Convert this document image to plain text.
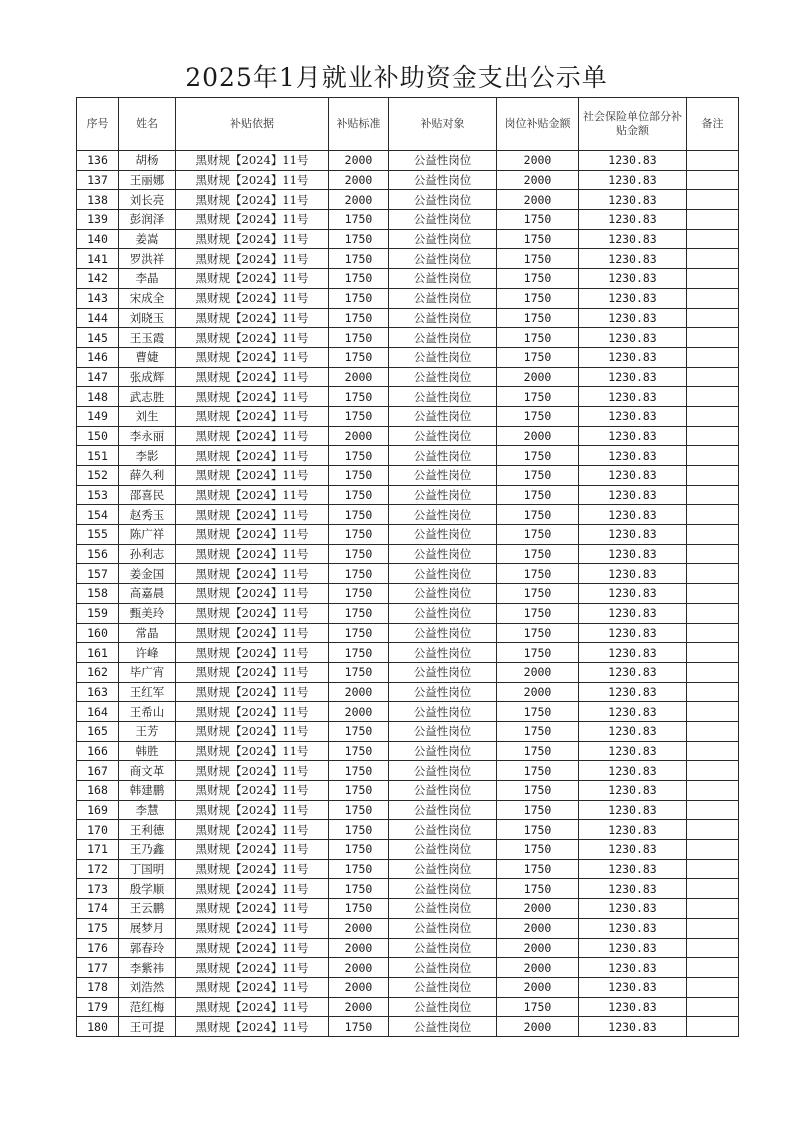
2025年1月就业补助资金支出公示单
序号	姓名	补贴依据	补贴标准	补贴对象	岗位补贴金额	社会保险单位部分补贴金额	备注
136	胡杨	黑财规【2024】11号	2000	公益性岗位	2000	1230.83	
137	王丽娜	黑财规【2024】11号	2000	公益性岗位	2000	1230.83	
138	刘长亮	黑财规【2024】11号	2000	公益性岗位	2000	1230.83	
139	彭润泽	黑财规【2024】11号	1750	公益性岗位	1750	1230.83	
140	姜嵩	黑财规【2024】11号	1750	公益性岗位	1750	1230.83	
141	罗洪祥	黑财规【2024】11号	1750	公益性岗位	1750	1230.83	
142	李晶	黑财规【2024】11号	1750	公益性岗位	1750	1230.83	
143	宋成全	黑财规【2024】11号	1750	公益性岗位	1750	1230.83	
144	刘晓玉	黑财规【2024】11号	1750	公益性岗位	1750	1230.83	
145	王玉霞	黑财规【2024】11号	1750	公益性岗位	1750	1230.83	
146	曹婕	黑财规【2024】11号	1750	公益性岗位	1750	1230.83	
147	张成辉	黑财规【2024】11号	2000	公益性岗位	2000	1230.83	
148	武志胜	黑财规【2024】11号	1750	公益性岗位	1750	1230.83	
149	刘生	黑财规【2024】11号	1750	公益性岗位	1750	1230.83	
150	李永丽	黑财规【2024】11号	2000	公益性岗位	2000	1230.83	
151	李影	黑财规【2024】11号	1750	公益性岗位	1750	1230.83	
152	薛久利	黑财规【2024】11号	1750	公益性岗位	1750	1230.83	
153	邵喜民	黑财规【2024】11号	1750	公益性岗位	1750	1230.83	
154	赵秀玉	黑财规【2024】11号	1750	公益性岗位	1750	1230.83	
155	陈广祥	黑财规【2024】11号	1750	公益性岗位	1750	1230.83	
156	孙利志	黑财规【2024】11号	1750	公益性岗位	1750	1230.83	
157	姜金国	黑财规【2024】11号	1750	公益性岗位	1750	1230.83	
158	高嘉晨	黑财规【2024】11号	1750	公益性岗位	1750	1230.83	
159	甄美玲	黑财规【2024】11号	1750	公益性岗位	1750	1230.83	
160	常晶	黑财规【2024】11号	1750	公益性岗位	1750	1230.83	
161	许峰	黑财规【2024】11号	1750	公益性岗位	1750	1230.83	
162	毕广宵	黑财规【2024】11号	1750	公益性岗位	2000	1230.83	
163	王红军	黑财规【2024】11号	2000	公益性岗位	2000	1230.83	
164	王希山	黑财规【2024】11号	2000	公益性岗位	1750	1230.83	
165	王芳	黑财规【2024】11号	1750	公益性岗位	1750	1230.83	
166	韩胜	黑财规【2024】11号	1750	公益性岗位	1750	1230.83	
167	商文革	黑财规【2024】11号	1750	公益性岗位	1750	1230.83	
168	韩建鹏	黑财规【2024】11号	1750	公益性岗位	1750	1230.83	
169	李慧	黑财规【2024】11号	1750	公益性岗位	1750	1230.83	
170	王利德	黑财规【2024】11号	1750	公益性岗位	1750	1230.83	
171	王乃鑫	黑财规【2024】11号	1750	公益性岗位	1750	1230.83	
172	丁国明	黑财规【2024】11号	1750	公益性岗位	1750	1230.83	
173	殷学顺	黑财规【2024】11号	1750	公益性岗位	1750	1230.83	
174	王云鹏	黑财规【2024】11号	1750	公益性岗位	2000	1230.83	
175	展梦月	黑财规【2024】11号	2000	公益性岗位	2000	1230.83	
176	郭春玲	黑财规【2024】11号	2000	公益性岗位	2000	1230.83	
177	李紫祎	黑财规【2024】11号	2000	公益性岗位	2000	1230.83	
178	刘浩然	黑财规【2024】11号	2000	公益性岗位	2000	1230.83	
179	范红梅	黑财规【2024】11号	2000	公益性岗位	1750	1230.83	
180	王可提	黑财规【2024】11号	1750	公益性岗位	2000	1230.83	
